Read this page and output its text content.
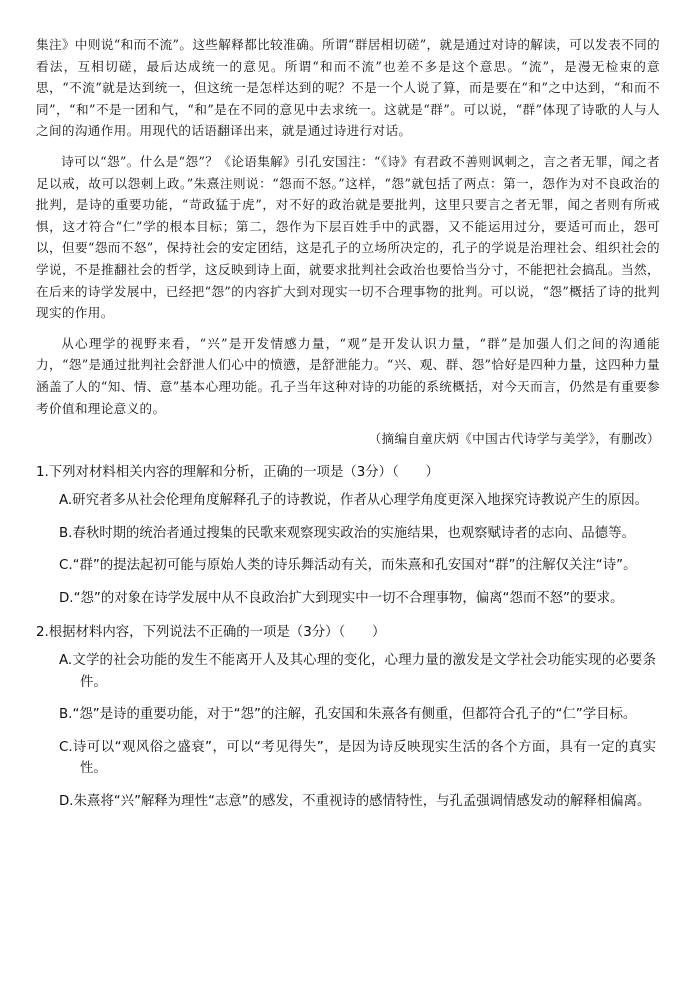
集注》中则说“和而不流”。这些解释都比较准确。所谓“群居相切磋”，就是通过对诗的解读，可以发表不同的看法，互相切磋，最后达成统一的意见。所谓“和而不流”也差不多是这个意思。“流”，是漫无检束的意思，“不流”就是达到统一，但这统一是怎样达到的呢？不是一个人说了算，而是要在“和”之中达到，“和而不同”，“和”不是一团和气，“和”是在不同的意见中去求统一。这就是“群”。可以说，“群”体现了诗歌的人与人之间的沟通作用。用现代的话语翻译出来，就是通过诗进行对话。

诗可以“怨”。什么是“怨”？《论语集解》引孔安国注：“《诗》有君政不善则讽刺之，言之者无罪，闻之者足以戒，故可以怨刺上政。”朱熹注则说：“怨而不怒。”这样，“怨”就包括了两点：第一，怨作为对不良政治的批判，是诗的重要功能，“苛政猛于虎”，对不好的政治就是要批判，这里只要言之者无罪，闻之者则有所戒惧，这才符合“仁”学的根本目标；第二，怨作为下层百姓手中的武器，又不能运用过分，要适可而止，怨可以，但要“怨而不怒”，保持社会的安定团结，这是孔子的立场所决定的，孔子的学说是治理社会、组织社会的学说，不是推翻社会的哲学，这反映到诗上面，就要求批判社会政治也要恰当分寸，不能把社会搞乱。当然，在后来的诗学发展中，已经把“怨”的内容扩大到对现实一切不合理事物的批判。可以说，“怨”概括了诗的批判现实的作用。

从心理学的视野来看，“兴”是开发情感力量，“观”是开发认识力量，“群”是加强人们之间的沟通能力，“怨”是通过批判社会舒泄人们心中的愤懑，是舒泄能力。“兴、观、群、怨”恰好是四种力量，这四种力量涵盖了人的“知、情、意”基本心理功能。孔子当年这种对诗的功能的系统概括，对今天而言，仍然是有重要参考价值和理论意义的。

（摘编自童庆炳《中国古代诗学与美学》，有删改）
1.下列对材料相关内容的理解和分析，正确的一项是（3分）（　　）
A.研究者多从社会伦理角度解释孔子的诗教说，作者从心理学角度更深入地探究诗教说产生的原因。
B.春秋时期的统治者通过搜集的民歌来观察现实政治的实施结果，也观察赋诗者的志向、品德等。
C.“群”的提法起初可能与原始人类的诗乐舞活动有关，而朱熹和孔安国对“群”的注解仅关注“诗”。
D.“怨”的对象在诗学发展中从不良政治扩大到现实中一切不合理事物，偏离“怨而不怒”的要求。
2.根据材料内容，下列说法不正确的一项是（3分）（　　）
A.文学的社会功能的发生不能离开人及其心理的变化，心理力量的激发是文学社会功能实现的必要条件。
B.“怨”是诗的重要功能，对于“怨”的注解，孔安国和朱熹各有侧重，但都符合孔子的“仁”学目标。
C.诗可以“观风俗之盛衰”，可以“考见得失”，是因为诗反映现实生活的各个方面，具有一定的真实性。
D.朱熹将“兴”解释为理性“志意”的感发，不重视诗的感情特性，与孔孟强调情感发动的解释相偏离。
